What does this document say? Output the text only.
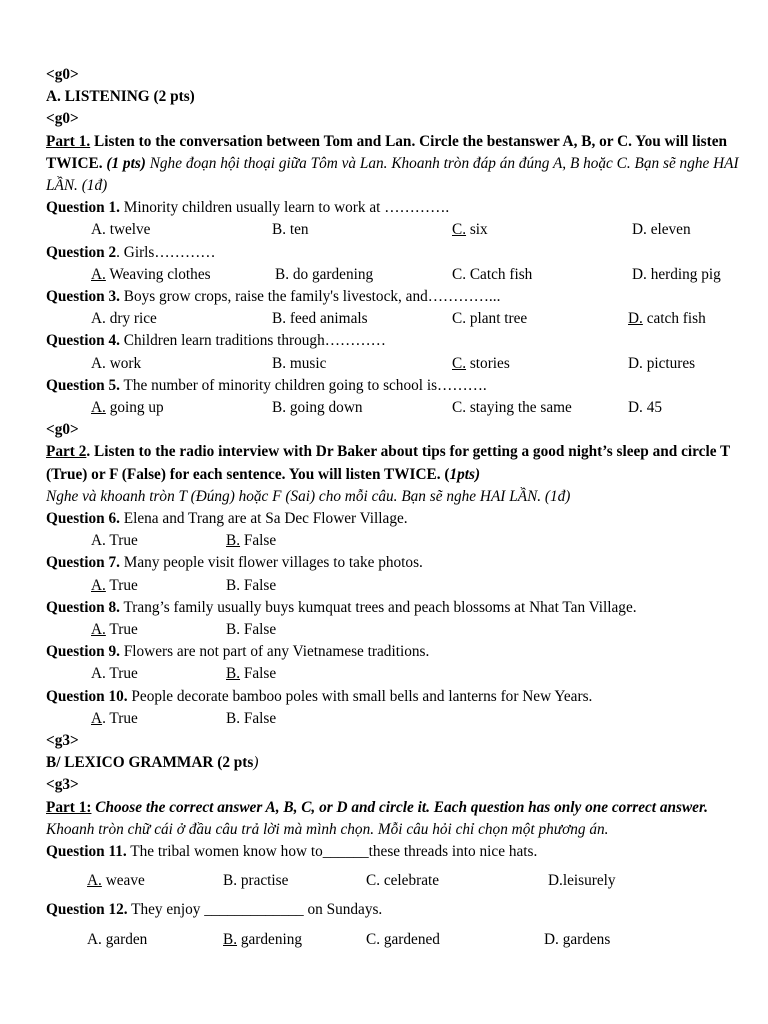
<g0>
A. LISTENING (2 pts)
<g0>
Part 1. Listen to the conversation between Tom and Lan. Circle the bestanswer A, B, or C. You will listen TWICE. (1 pts) Nghe đoạn hội thoại giữa Tôm và Lan. Khoanh tròn đáp án đúng A, B hoặc C. Bạn sẽ nghe HAI LẦN. (1đ)
Question 1. Minority children usually learn to work at ………….
A. twelve	B. ten	C. six	D. eleven
Question 2. Girls…………
A. Weaving clothes	B. do gardening	C. Catch fish	D. herding pig
Question 3. Boys grow crops, raise the family's livestock, and…………...
A. dry rice	B. feed animals	C. plant tree	D. catch fish
Question 4. Children learn traditions through…………
A. work	B. music	C. stories	D. pictures
Question 5. The number of minority children going to school is……….
A. going up	B. going down	C. staying the same	D. 45
<g0>
Part 2. Listen to the radio interview with Dr Baker about tips for getting a good night’s sleep and circle T (True) or F (False) for each sentence. You will listen TWICE. (1pts)
Nghe và khoanh tròn T (Đúng) hoặc F (Sai) cho mỗi câu. Bạn sẽ nghe HAI LẦN. (1đ)
Question 6. Elena and Trang are at Sa Dec Flower Village.
A. True	B. False
Question 7. Many people visit flower villages to take photos.
A. True	B. False
Question 8. Trang’s family usually buys kumquat trees and peach blossoms at Nhat Tan Village.
A. True	B. False
Question 9. Flowers are not part of any Vietnamese traditions.
A. True	B. False
Question 10. People decorate bamboo poles with small bells and lanterns for New Years.
A. True	B. False
<g3>
B/ LEXICO GRAMMAR (2 pts)
<g3>
Part 1: Choose the correct answer A, B, C, or D and circle it. Each question has only one correct answer.
Khoanh tròn chữ cái ở đầu câu trả lời mà mình chọn. Mỗi câu hỏi chỉ chọn một phương án.
Question 11. The tribal women know how to______these threads into nice hats.
A. weave	B. practise	C. celebrate	D.leisurely
Question 12. They enjoy _____________ on Sundays.
A. garden	B. gardening	C. gardened	D. gardens
